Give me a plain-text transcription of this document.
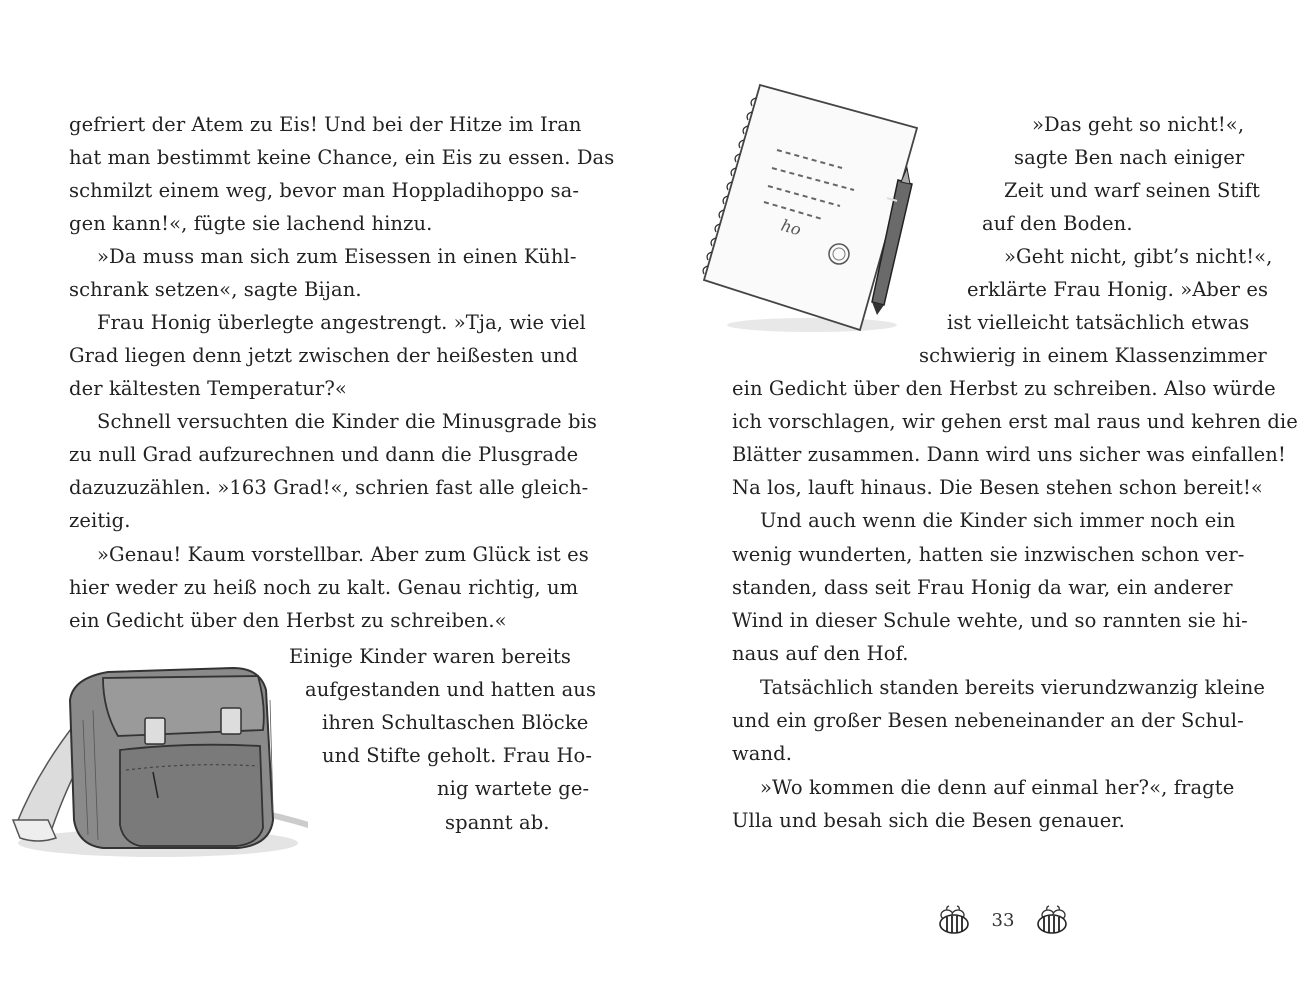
gefriert der Atem zu Eis! Und bei der Hitze im Iran
hat man bestimmt keine Chance, ein Eis zu essen. Das
schmilzt einem weg, bevor man Hoppladihoppo sa-
gen kann!«, fügte sie lachend hinzu.
»Da muss man sich zum Eisessen in einen Kühl-
schrank setzen«, sagte Bijan.
Frau Honig überlegte angestrengt. »Tja, wie viel
Grad liegen denn jetzt zwischen der heißesten und
der kältesten Temperatur?«
Schnell versuchten die Kinder die Minusgrade bis
zu null Grad aufzurechnen und dann die Plusgrade
dazuzuzählen. »163 Grad!«, schrien fast alle gleich-
zeitig.
»Genau! Kaum vorstellbar. Aber zum Glück ist es
hier weder zu heiß noch zu kalt. Genau richtig, um
ein Gedicht über den Herbst zu schreiben.«
Einige Kinder waren bereits
aufgestanden und hatten aus
ihren Schultaschen Blöcke
und Stifte geholt. Frau Ho-
nig wartete ge-
spannt ab.
ho
»Das geht so nicht!«,
sagte Ben nach einiger
Zeit und warf seinen Stift
auf den Boden.
»Geht nicht, gibt’s nicht!«,
erklärte Frau Honig. »Aber es
ist vielleicht tatsächlich etwas
schwierig in einem Klassenzimmer
ein Gedicht über den Herbst zu schreiben. Also würde
ich vorschlagen, wir gehen erst mal raus und kehren die
Blätter zusammen. Dann wird uns sicher was einfallen!
Na los, lauft hinaus. Die Besen stehen schon bereit!«
Und auch wenn die Kinder sich immer noch ein
wenig wunderten, hatten sie inzwischen schon ver-
standen, dass seit Frau Honig da war, ein anderer
Wind in dieser Schule wehte, und so rannten sie hi-
naus auf den Hof.
Tatsächlich standen bereits vierundzwanzig kleine
und ein großer Besen nebeneinander an der Schul-
wand.
»Wo kommen die denn auf einmal her?«, fragte
Ulla und besah sich die Besen genauer.
33
